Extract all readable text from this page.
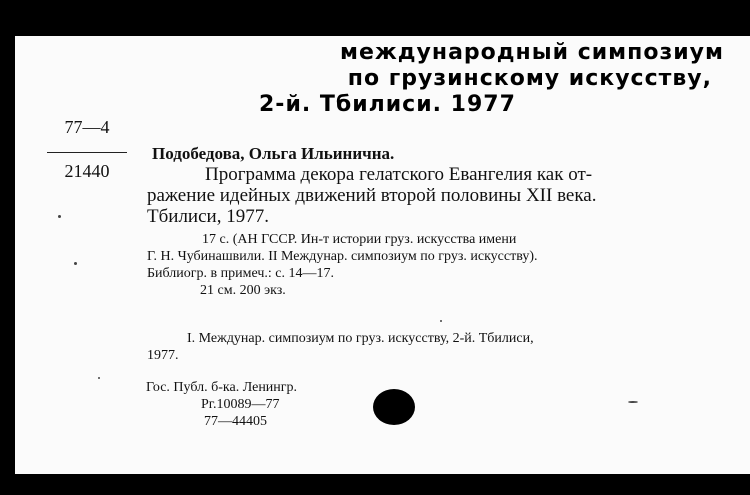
международный симпозиум
по грузинскому искусству,
2-й. Тбилиси. 1977
77—4
21440
Подобедова, Ольга Ильинична.
Программа декора гелатского Евангелия как от-
ражение идейных движений второй половины XII века.
Тбилиси, 1977.
17 с. (АН ГССР. Ин-т истории груз. искусства имени
Г. Н. Чубинашвили. II Междунар. симпозиум по груз. искусству).
Библиогр. в примеч.: с. 14—17.
21 см. 200 экз.
I. Междунар. симпозиум по груз. искусству, 2-й. Тбилиси,
1977.
Гос. Публ. б-ка. Ленингр.
Рг.10089—77
77—44405
